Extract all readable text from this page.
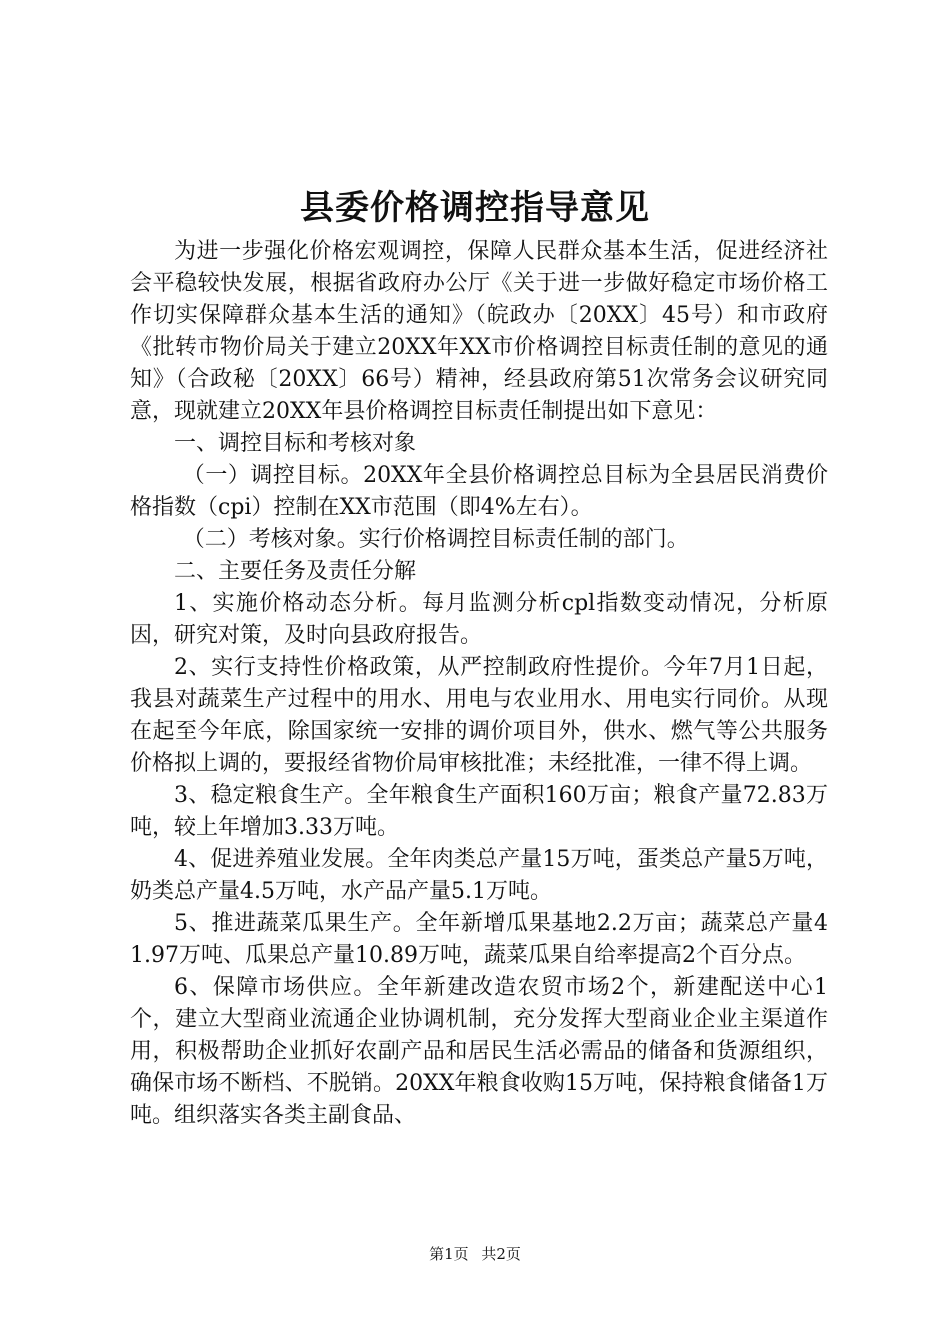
县委价格调控指导意见

为进一步强化价格宏观调控，保障人民群众基本生活，促进经济社会平稳较快发展，根据省政府办公厅《关于进一步做好稳定市场价格工作切实保障群众基本生活的通知》（皖政办〔20XX〕45号）和市政府《批转市物价局关于建立20XX年XX市价格调控目标责任制的意见的通知》（合政秘〔20XX〕66号）精神，经县政府第51次常务会议研究同意，现就建立20XX年县价格调控目标责任制提出如下意见：

一、调控目标和考核对象

（一）调控目标。20XX年全县价格调控总目标为全县居民消费价格指数（cpi）控制在XX市范围（即4%左右）。

（二）考核对象。实行价格调控目标责任制的部门。

二、主要任务及责任分解

1、实施价格动态分析。每月监测分析cpl指数变动情况，分析原因，研究对策，及时向县政府报告。

2、实行支持性价格政策，从严控制政府性提价。今年7月1日起，我县对蔬菜生产过程中的用水、用电与农业用水、用电实行同价。从现在起至今年底，除国家统一安排的调价项目外，供水、燃气等公共服务价格拟上调的，要报经省物价局审核批准；未经批准，一律不得上调。

3、稳定粮食生产。全年粮食生产面积160万亩；粮食产量72.83万吨，较上年增加3.33万吨。

4、促进养殖业发展。全年肉类总产量15万吨，蛋类总产量5万吨，奶类总产量4.5万吨，水产品产量5.1万吨。

5、推进蔬菜瓜果生产。全年新增瓜果基地2.2万亩；蔬菜总产量41.97万吨、瓜果总产量10.89万吨，蔬菜瓜果自给率提高2个百分点。

6、保障市场供应。全年新建改造农贸市场2个，新建配送中心1个，建立大型商业流通企业协调机制，充分发挥大型商业企业主渠道作用，积极帮助企业抓好农副产品和居民生活必需品的储备和货源组织，确保市场不断档、不脱销。20XX年粮食收购15万吨，保持粮食储备1万吨。组织落实各类主副食品、

第1页 共2页
